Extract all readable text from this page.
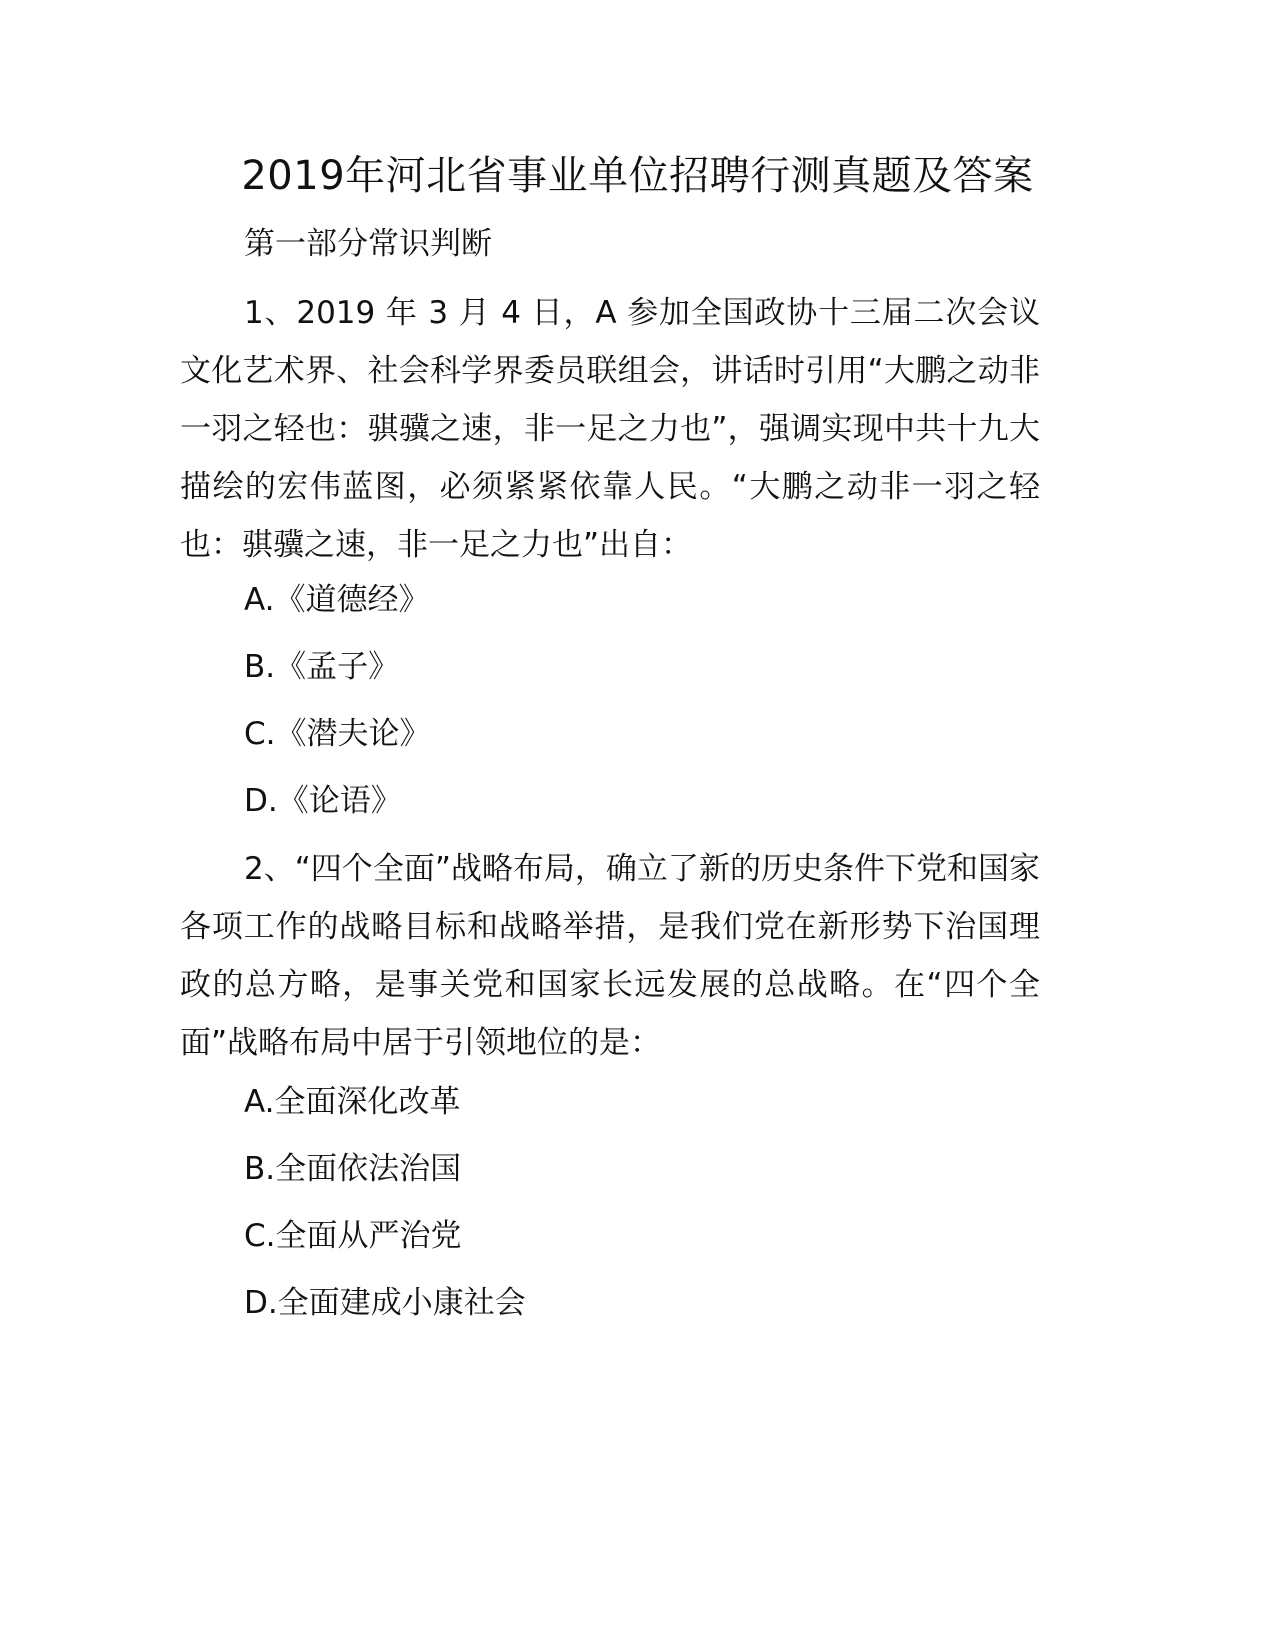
2019年河北省事业单位招聘行测真题及答案
第一部分常识判断

1、2019 年 3 月 4 日，A 参加全国政协十三届二次会议文化艺术界、社会科学界委员联组会，讲话时引用“大鹏之动非一羽之轻也：骐骥之速，非一足之力也”，强调实现中共十九大描绘的宏伟蓝图，必须紧紧依靠人民。“大鹏之动非一羽之轻也：骐骥之速，非一足之力也”出自：

A.《道德经》
B.《孟子》
C.《潜夫论》
D.《论语》

2、“四个全面”战略布局，确立了新的历史条件下党和国家各项工作的战略目标和战略举措，是我们党在新形势下治国理政的总方略，是事关党和国家长远发展的总战略。在“四个全面”战略布局中居于引领地位的是：

A.全面深化改革
B.全面依法治国
C.全面从严治党
D.全面建成小康社会
